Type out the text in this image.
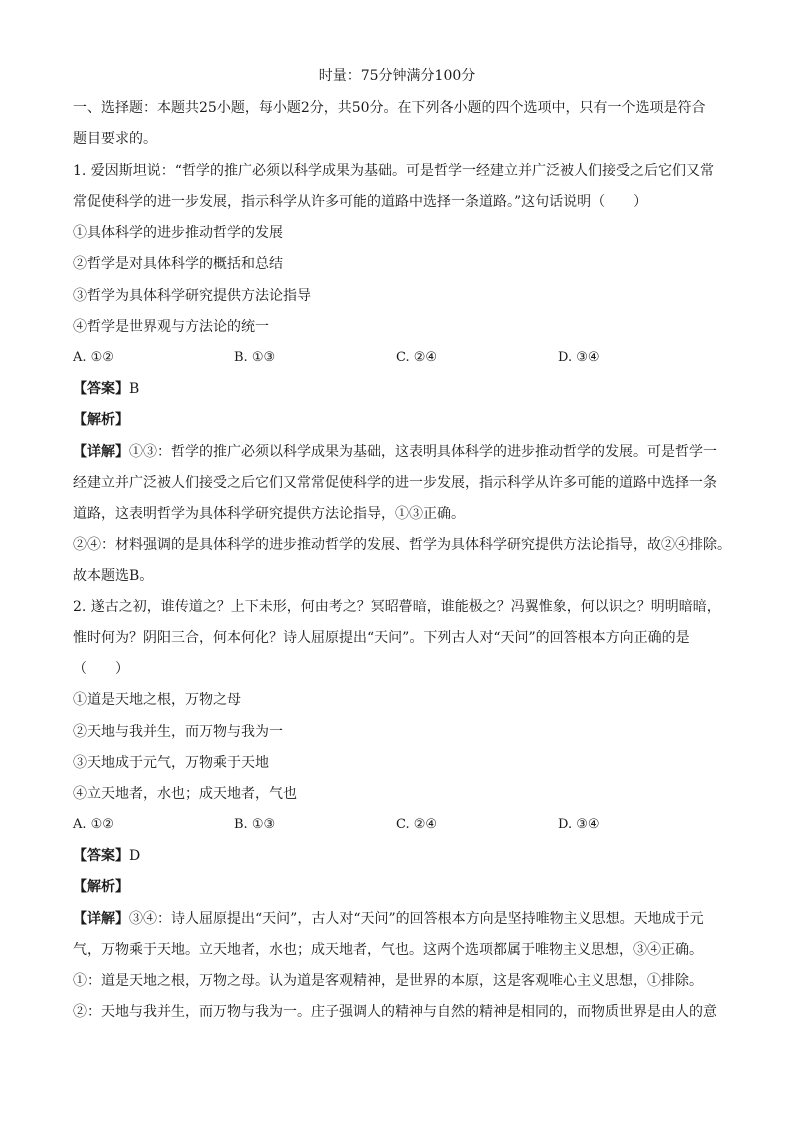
时量：75分钟满分100分
一、选择题：本题共25小题，每小题2分，共50分。在下列各小题的四个选项中，只有一个选项是符合
题目要求的。
1. 爱因斯坦说：“哲学的推广必须以科学成果为基础。可是哲学一经建立并广泛被人们接受之后它们又常
常促使科学的进一步发展，指示科学从许多可能的道路中选择一条道路。”这句话说明（　　）
①具体科学的进步推动哲学的发展
②哲学是对具体科学的概括和总结
③哲学为具体科学研究提供方法论指导
④哲学是世界观与方法论的统一
A. ①②	B. ①③	C. ②④	D. ③④
【答案】B
【解析】
【详解】①③：哲学的推广必须以科学成果为基础，这表明具体科学的进步推动哲学的发展。可是哲学一
经建立并广泛被人们接受之后它们又常常促使科学的进一步发展，指示科学从许多可能的道路中选择一条
道路，这表明哲学为具体科学研究提供方法论指导，①③正确。
②④：材料强调的是具体科学的进步推动哲学的发展、哲学为具体科学研究提供方法论指导，故②④排除。
故本题选B。
2. 遂古之初，谁传道之？上下未形，何由考之？冥昭瞢暗，谁能极之？冯翼惟象，何以识之？明明暗暗，
惟时何为？阴阳三合，何本何化？诗人屈原提出“天问”。下列古人对“天问”的回答根本方向正确的是
（　　）
①道是天地之根，万物之母
②天地与我并生，而万物与我为一
③天地成于元气，万物乘于天地
④立天地者，水也；成天地者，气也
A. ①②	B. ①③	C. ②④	D. ③④
【答案】D
【解析】
【详解】③④：诗人屈原提出“天问”，古人对“天问”的回答根本方向是坚持唯物主义思想。天地成于元
气，万物乘于天地。立天地者，水也；成天地者，气也。这两个选项都属于唯物主义思想，③④正确。
①：道是天地之根，万物之母。认为道是客观精神，是世界的本原，这是客观唯心主义思想，①排除。
②：天地与我并生，而万物与我为一。庄子强调人的精神与自然的精神是相同的，而物质世界是由人的意
